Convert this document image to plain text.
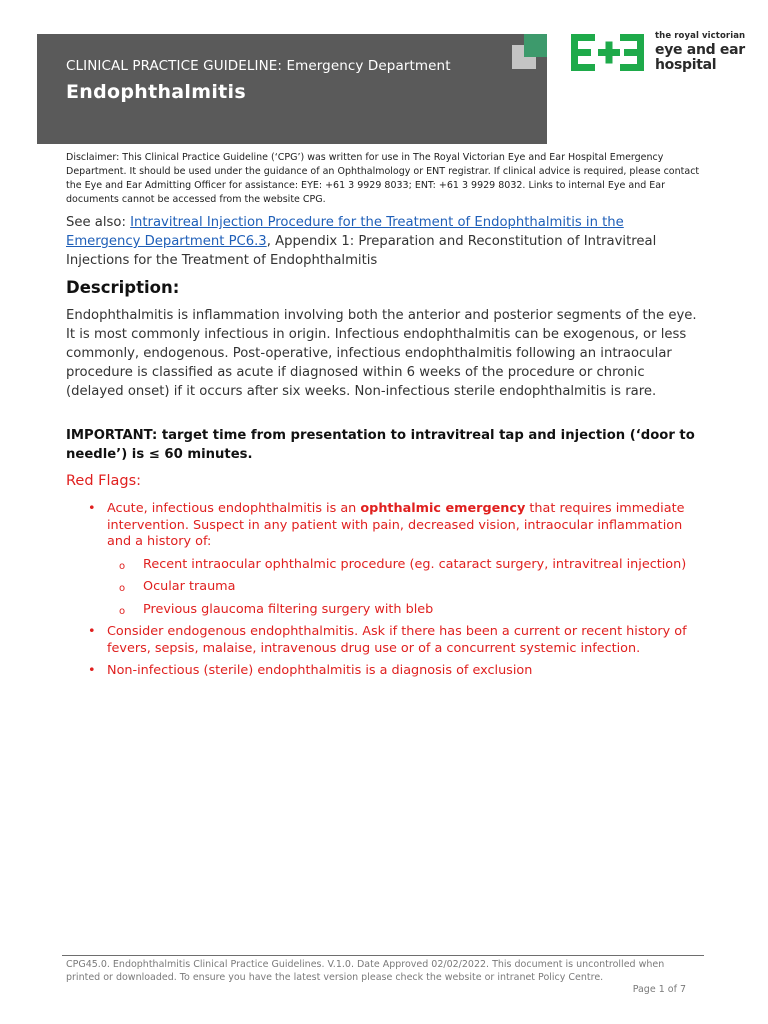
CLINICAL PRACTICE GUIDELINE: Emergency Department
Endophthalmitis
the royal victorian
eye and ear
hospital

Disclaimer: This Clinical Practice Guideline (‘CPG’) was written for use in The Royal Victorian Eye and Ear Hospital Emergency Department. It should be used under the guidance of an Ophthalmology or ENT registrar. If clinical advice is required, please contact the Eye and Ear Admitting Officer for assistance: EYE: +61 3 9929 8033; ENT: +61 3 9929 8032. Links to internal Eye and Ear documents cannot be accessed from the website CPG.

See also: Intravitreal Injection Procedure for the Treatment of Endophthalmitis in the Emergency Department PC6.3, Appendix 1: Preparation and Reconstitution of Intravitreal Injections for the Treatment of Endophthalmitis

Description:

Endophthalmitis is inflammation involving both the anterior and posterior segments of the eye. It is most commonly infectious in origin. Infectious endophthalmitis can be exogenous, or less commonly, endogenous. Post-operative, infectious endophthalmitis following an intraocular procedure is classified as acute if diagnosed within 6 weeks of the procedure or chronic (delayed onset) if it occurs after six weeks. Non-infectious sterile endophthalmitis is rare.

IMPORTANT: target time from presentation to intravitreal tap and injection (‘door to needle’) is ≤ 60 minutes.

Red Flags:
• Acute, infectious endophthalmitis is an ophthalmic emergency that requires immediate intervention. Suspect in any patient with pain, decreased vision, intraocular inflammation and a history of:
o Recent intraocular ophthalmic procedure (eg. cataract surgery, intravitreal injection)
o Ocular trauma
o Previous glaucoma filtering surgery with bleb
• Consider endogenous endophthalmitis. Ask if there has been a current or recent history of fevers, sepsis, malaise, intravenous drug use or of a concurrent systemic infection.
• Non-infectious (sterile) endophthalmitis is a diagnosis of exclusion

CPG45.0. Endophthalmitis Clinical Practice Guidelines. V.1.0. Date Approved 02/02/2022. This document is uncontrolled when printed or downloaded. To ensure you have the latest version please check the website or intranet Policy Centre.

Page 1 of 7
